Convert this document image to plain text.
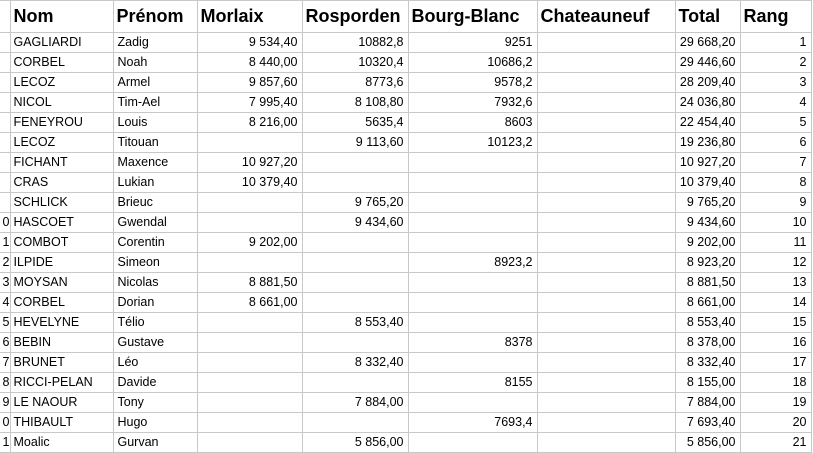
	Nom	Prénom	Morlaix	Rosporden	Bourg-Blanc	Chateauneuf	Total	Rang
	GAGLIARDI	Zadig	9 534,40	10882,8	9251		29 668,20	1
	CORBEL	Noah	8 440,00	10320,4	10686,2		29 446,60	2
	LECOZ	Armel	9 857,60	8773,6	9578,2		28 209,40	3
	NICOL	Tim-Ael	7 995,40	8 108,80	7932,6		24 036,80	4
	FENEYROU	Louis	8 216,00	5635,4	8603		22 454,40	5
	LECOZ	Titouan		9 113,60	10123,2		19 236,80	6
	FICHANT	Maxence	10 927,20				10 927,20	7
	CRAS	Lukian	10 379,40				10 379,40	8
	SCHLICK	Brieuc		9 765,20			9 765,20	9
0	HASCOET	Gwendal		9 434,60			9 434,60	10
1	COMBOT	Corentin	9 202,00				9 202,00	11
2	ILPIDE	Simeon			8923,2		8 923,20	12
3	MOYSAN	Nicolas	8 881,50				8 881,50	13
4	CORBEL	Dorian	8 661,00				8 661,00	14
5	HEVELYNE	Télio		8 553,40			8 553,40	15
6	BEBIN	Gustave			8378		8 378,00	16
7	BRUNET	Léo		8 332,40			8 332,40	17
8	RICCI-PELAN	Davide			8155		8 155,00	18
9	LE NAOUR	Tony		7 884,00			7 884,00	19
0	THIBAULT	Hugo			7693,4		7 693,40	20
1	Moalic	Gurvan		5 856,00			5 856,00	21
